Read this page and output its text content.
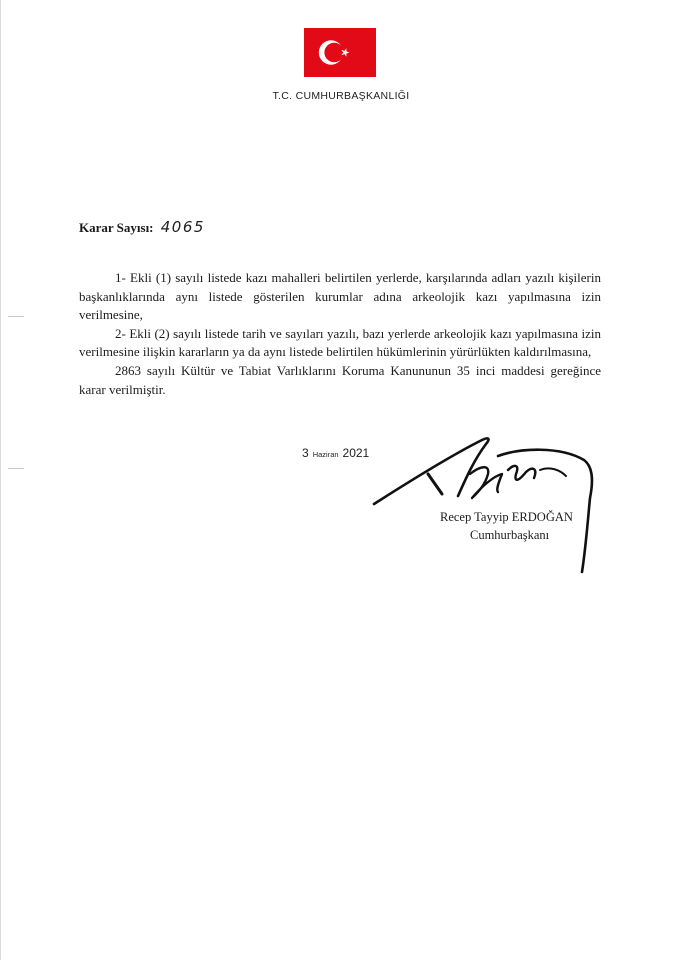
T.C. CUMHURBAŞKANLIĞI
Karar Sayısı: 4065

1- Ekli (1) sayılı listede kazı mahalleri belirtilen yerlerde, karşılarında adları yazılı kişilerin başkanlıklarında aynı listede gösterilen kurumlar adına arkeolojik kazı yapılmasına izin verilmesine,

2- Ekli (2) sayılı listede tarih ve sayıları yazılı, bazı yerlerde arkeolojik kazı yapılmasına izin verilmesine ilişkin kararların ya da aynı listede belirtilen hükümlerinin yürürlükten kaldırılmasına,

2863 sayılı Kültür ve Tabiat Varlıklarını Koruma Kanununun 35 inci maddesi gereğince karar verilmiştir.

3 Haziran 2021
Recep Tayyip ERDOĞAN
Cumhurbaşkanı
